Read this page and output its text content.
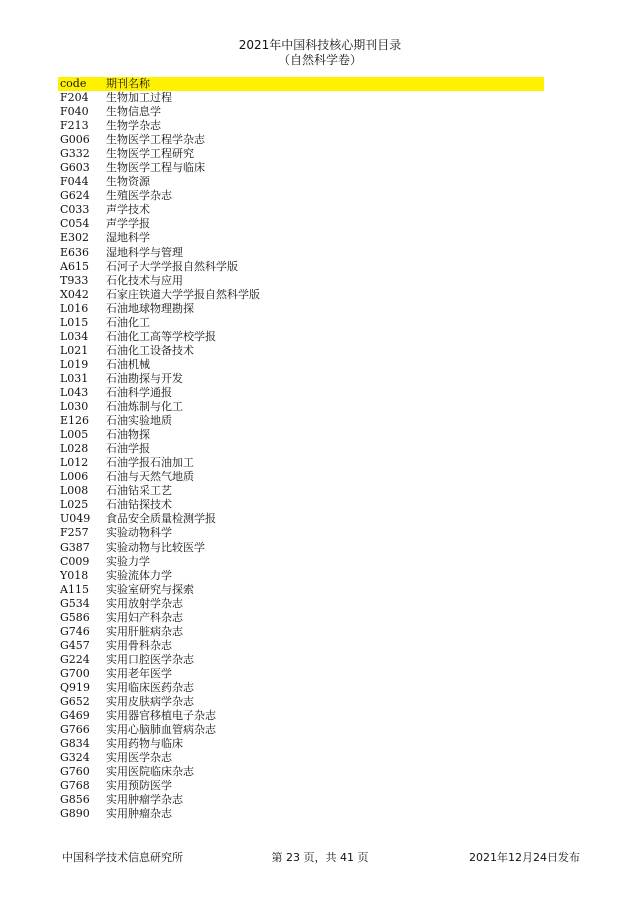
2021年中国科技核心期刊目录
（自然科学卷）
code 期刊名称
F204 生物加工过程
F040 生物信息学
F213 生物学杂志
G006 生物医学工程学杂志
G332 生物医学工程研究
G603 生物医学工程与临床
F044 生物资源
G624 生殖医学杂志
C033 声学技术
C054 声学学报
E302 湿地科学
E636 湿地科学与管理
A615 石河子大学学报自然科学版
T933 石化技术与应用
X042 石家庄铁道大学学报自然科学版
L016 石油地球物理勘探
L015 石油化工
L034 石油化工高等学校学报
L021 石油化工设备技术
L019 石油机械
L031 石油勘探与开发
L043 石油科学通报
L030 石油炼制与化工
E126 石油实验地质
L005 石油物探
L028 石油学报
L012 石油学报石油加工
L006 石油与天然气地质
L008 石油钻采工艺
L025 石油钻探技术
U049 食品安全质量检测学报
F257 实验动物科学
G387 实验动物与比较医学
C009 实验力学
Y018 实验流体力学
A115 实验室研究与探索
G534 实用放射学杂志
G586 实用妇产科杂志
G746 实用肝脏病杂志
G457 实用骨科杂志
G224 实用口腔医学杂志
G700 实用老年医学
Q919 实用临床医药杂志
G652 实用皮肤病学杂志
G469 实用器官移植电子杂志
G766 实用心脑肺血管病杂志
G834 实用药物与临床
G324 实用医学杂志
G760 实用医院临床杂志
G768 实用预防医学
G856 实用肿瘤学杂志
G890 实用肿瘤杂志
中国科学技术信息研究所	第 23 页，共 41 页	2021年12月24日发布
